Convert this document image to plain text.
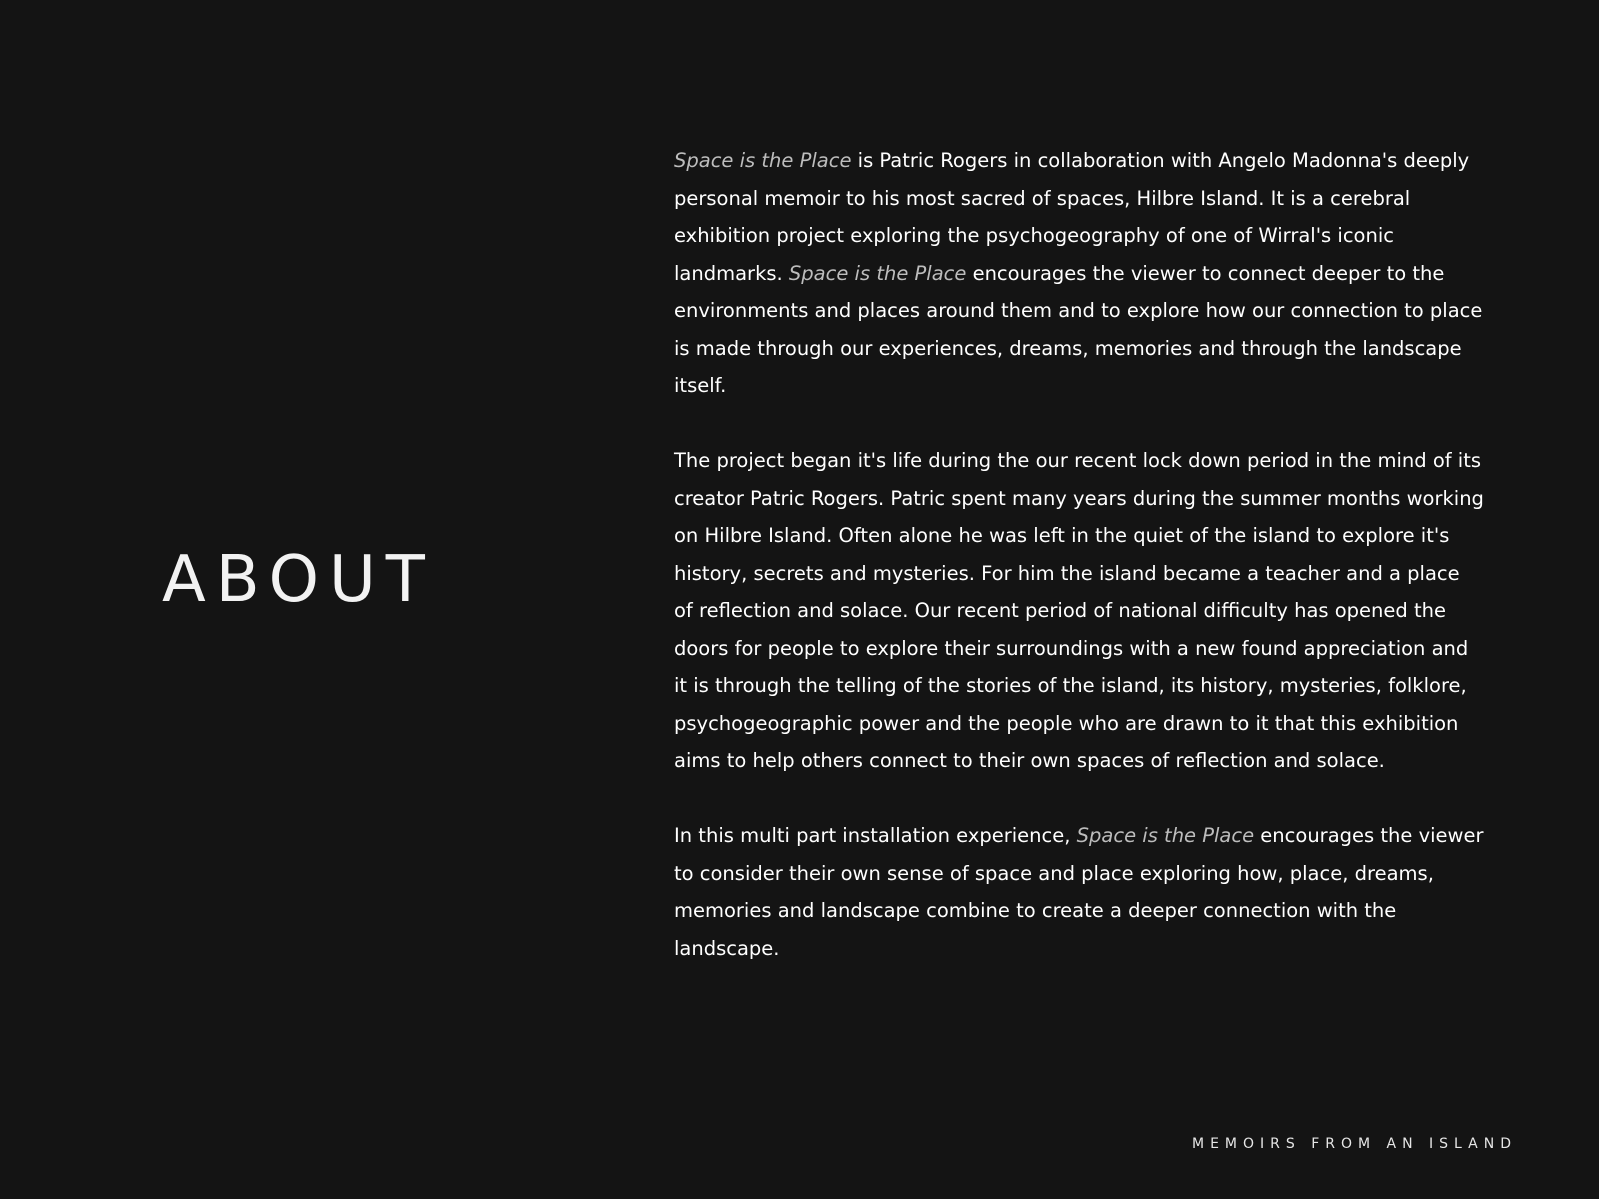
ABOUT

Space is the Place is Patric Rogers in collaboration with Angelo Madonna's deeply personal memoir to his most sacred of spaces, Hilbre Island. It is a cerebral exhibition project exploring the psychogeography of one of Wirral's iconic landmarks. Space is the Place encourages the viewer to connect deeper to the environments and places around them and to explore how our connection to place is made through our experiences, dreams, memories and through the landscape itself.

The project began it's life during the our recent lock down period in the mind of its creator Patric Rogers. Patric spent many years during the summer months working on Hilbre Island. Often alone he was left in the quiet of the island to explore it's history, secrets and mysteries. For him the island became a teacher and a place of reflection and solace. Our recent period of national difficulty has opened the doors for people to explore their surroundings with a new found appreciation and it is through the telling of the stories of the island, its history, mysteries, folklore, psychogeographic power and the people who are drawn to it that this exhibition aims to help others connect to their own spaces of reflection and solace.

In this multi part installation experience, Space is the Place encourages the viewer to consider their own sense of space and place exploring how, place, dreams, memories and landscape combine to create a deeper connection with the landscape.

MEMOIRS FROM AN ISLAND
